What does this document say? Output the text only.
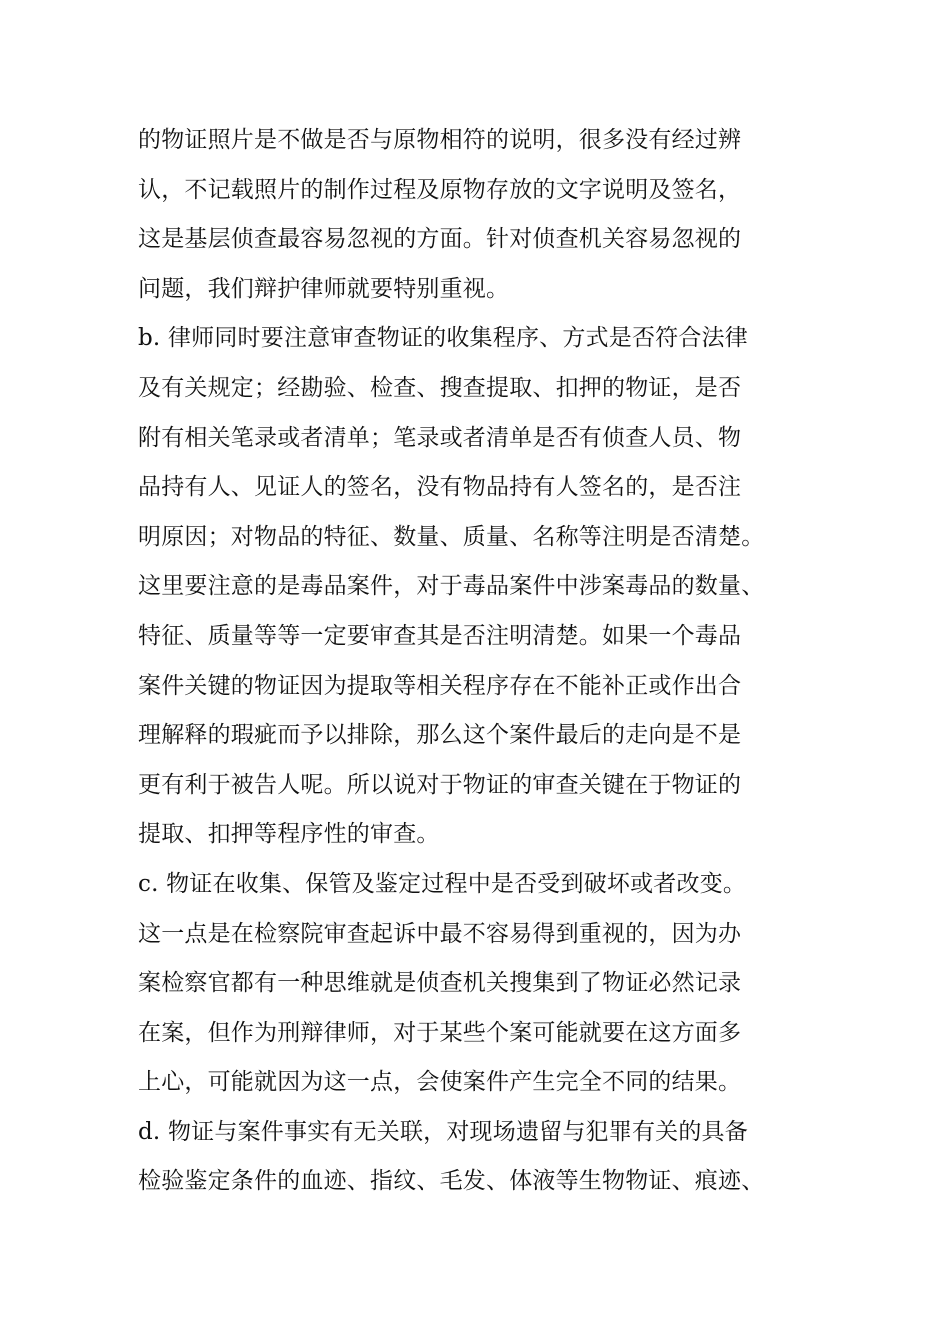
的物证照片是不做是否与原物相符的说明，很多没有经过辨
认，不记载照片的制作过程及原物存放的文字说明及签名，
这是基层侦查最容易忽视的方面。针对侦查机关容易忽视的
问题，我们辩护律师就要特别重视。
b. 律师同时要注意审查物证的收集程序、方式是否符合法律
及有关规定；经勘验、检查、搜查提取、扣押的物证，是否
附有相关笔录或者清单；笔录或者清单是否有侦查人员、物
品持有人、见证人的签名，没有物品持有人签名的，是否注
明原因；对物品的特征、数量、质量、名称等注明是否清楚。
这里要注意的是毒品案件，对于毒品案件中涉案毒品的数量、
特征、质量等等一定要审查其是否注明清楚。如果一个毒品
案件关键的物证因为提取等相关程序存在不能补正或作出合
理解释的瑕疵而予以排除，那么这个案件最后的走向是不是
更有利于被告人呢。所以说对于物证的审查关键在于物证的
提取、扣押等程序性的审查。
c. 物证在收集、保管及鉴定过程中是否受到破坏或者改变。
这一点是在检察院审查起诉中最不容易得到重视的，因为办
案检察官都有一种思维就是侦查机关搜集到了物证必然记录
在案，但作为刑辩律师，对于某些个案可能就要在这方面多
上心，可能就因为这一点，会使案件产生完全不同的结果。
d. 物证与案件事实有无关联，对现场遗留与犯罪有关的具备
检验鉴定条件的血迹、指纹、毛发、体液等生物物证、痕迹、
